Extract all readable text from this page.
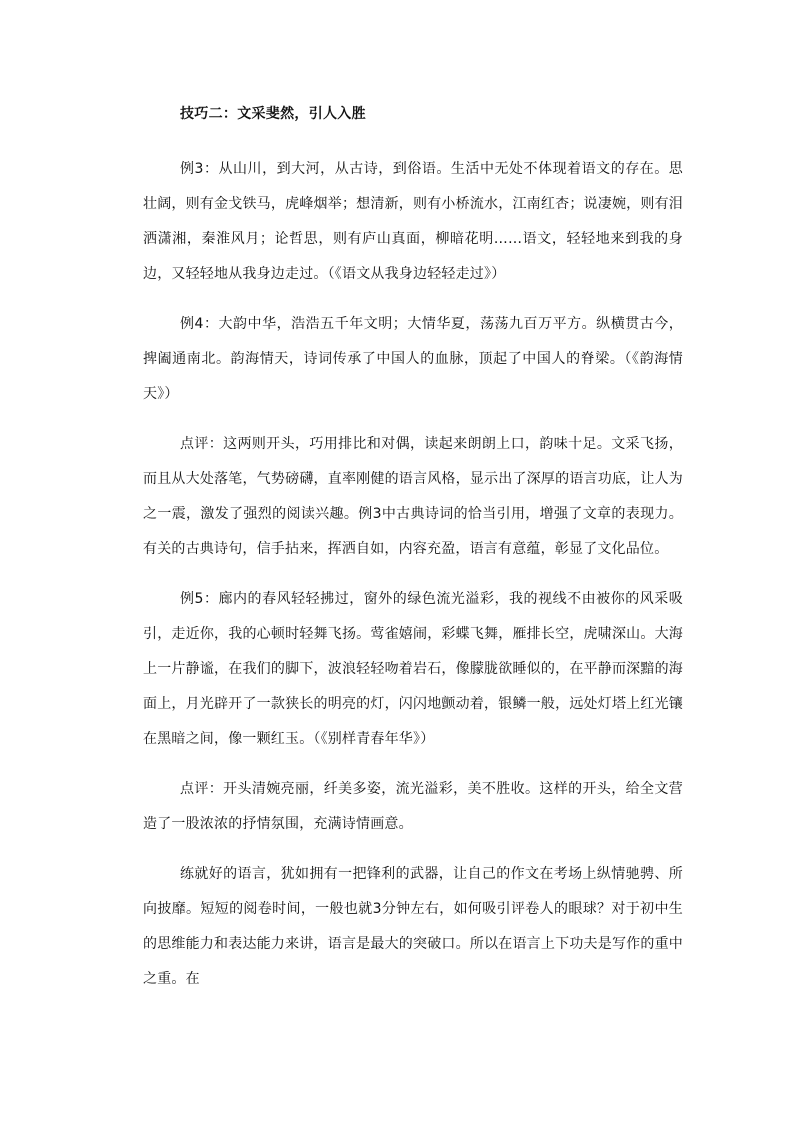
技巧二：文采斐然，引人入胜

例3：从山川，到大河，从古诗，到俗语。生活中无处不体现着语文的存在。思壮阔，则有金戈铁马，虎峰烟举；想清新，则有小桥流水，江南红杏；说凄婉，则有泪洒潇湘，秦淮风月；论哲思，则有庐山真面，柳暗花明……语文，轻轻地来到我的身边，又轻轻地从我身边走过。（《语文从我身边轻轻走过》）

例4：大韵中华，浩浩五千年文明；大情华夏，荡荡九百万平方。纵横贯古今，捭阖通南北。韵海情天，诗词传承了中国人的血脉，顶起了中国人的脊梁。（《韵海情天》）

点评：这两则开头，巧用排比和对偶，读起来朗朗上口，韵味十足。文采飞扬，而且从大处落笔，气势磅礴，直率刚健的语言风格，显示出了深厚的语言功底，让人为之一震，激发了强烈的阅读兴趣。例3中古典诗词的恰当引用，增强了文章的表现力。有关的古典诗句，信手拈来，挥洒自如，内容充盈，语言有意蕴，彰显了文化品位。

例5：廊内的春风轻轻拂过，窗外的绿色流光溢彩，我的视线不由被你的风采吸引，走近你，我的心顿时轻舞飞扬。莺雀嬉闹，彩蝶飞舞，雁排长空，虎啸深山。大海上一片静谧，在我们的脚下，波浪轻轻吻着岩石，像朦胧欲睡似的，在平静而深黯的海面上，月光辟开了一款狭长的明亮的灯，闪闪地颤动着，银鳞一般，远处灯塔上红光镶在黑暗之间，像一颗红玉。（《别样青春年华》）

点评：开头清婉亮丽，纤美多姿，流光溢彩，美不胜收。这样的开头，给全文营造了一股浓浓的抒情氛围，充满诗情画意。

练就好的语言，犹如拥有一把锋利的武器，让自己的作文在考场上纵情驰骋、所向披靡。短短的阅卷时间，一般也就3分钟左右，如何吸引评卷人的眼球？对于初中生的思维能力和表达能力来讲，语言是最大的突破口。所以在语言上下功夫是写作的重中之重。在
